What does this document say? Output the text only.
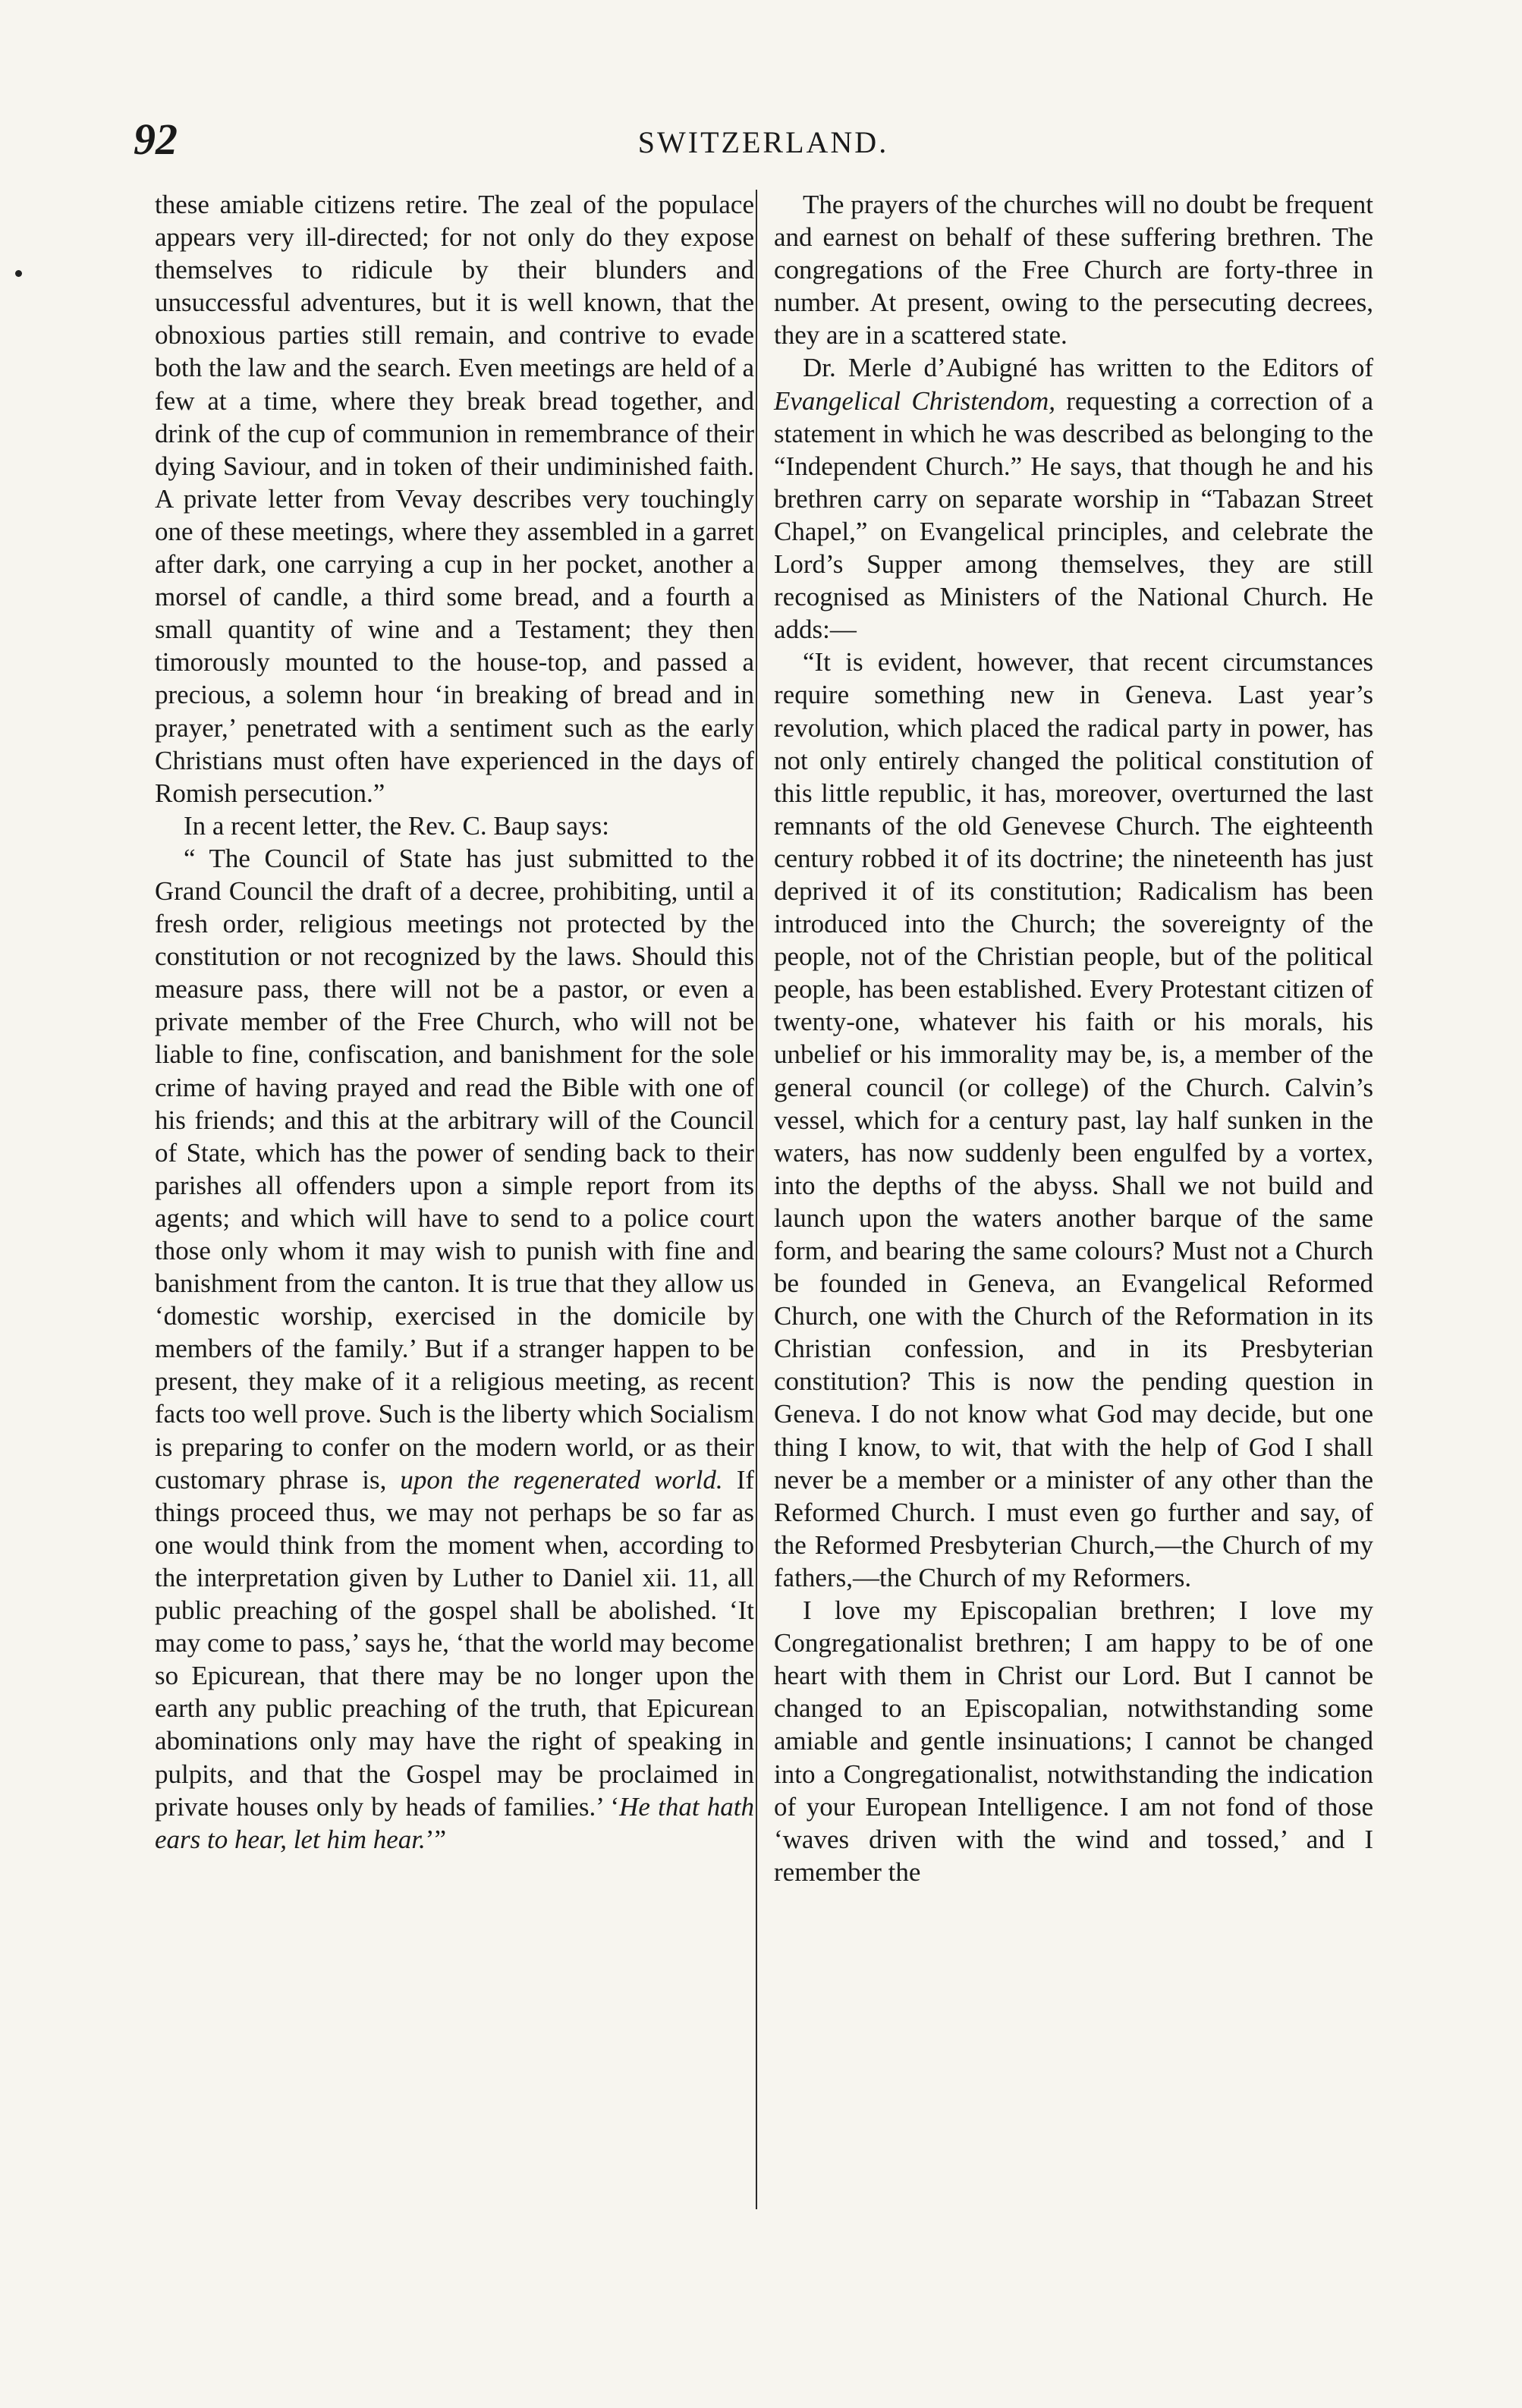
92	SWITZERLAND.

these amiable citizens retire. The zeal of the populace appears very ill-directed; for not only do they expose themselves to ridicule by their blunders and unsuccessful adventures, but it is well known, that the obnoxious parties still remain, and contrive to evade both the law and the search. Even meetings are held of a few at a time, where they break bread together, and drink of the cup of communion in remembrance of their dying Saviour, and in token of their undiminished faith. A private letter from Vevay describes very touchingly one of these meetings, where they assembled in a garret after dark, one carrying a cup in her pocket, another a morsel of candle, a third some bread, and a fourth a small quantity of wine and a Testament; they then timorously mounted to the house-top, and passed a precious, a solemn hour ‘in breaking of bread and in prayer,’ penetrated with a sentiment such as the early Christians must often have experienced in the days of Romish persecution.”

In a recent letter, the Rev. C. Baup says:

“ The Council of State has just submitted to the Grand Council the draft of a decree, prohibiting, until a fresh order, religious meetings not protected by the constitution or not recognized by the laws. Should this measure pass, there will not be a pastor, or even a private member of the Free Church, who will not be liable to fine, confiscation, and banishment for the sole crime of having prayed and read the Bible with one of his friends; and this at the arbitrary will of the Council of State, which has the power of sending back to their parishes all offenders upon a simple report from its agents; and which will have to send to a police court those only whom it may wish to punish with fine and banishment from the canton. It is true that they allow us ‘domestic worship, exercised in the domicile by members of the family.’ But if a stranger happen to be present, they make of it a religious meeting, as recent facts too well prove. Such is the liberty which Socialism is preparing to confer on the modern world, or as their customary phrase is, upon the regenerated world. If things proceed thus, we may not perhaps be so far as one would think from the moment when, according to the interpretation given by Luther to Daniel xii. 11, all public preaching of the gospel shall be abolished. ‘It may come to pass,’ says he, ‘that the world may become so Epicurean, that there may be no longer upon the earth any public preaching of the truth, that Epicurean abominations only may have the right of speaking in pulpits, and that the Gospel may be proclaimed in private houses only by heads of families.’ ‘He that hath ears to hear, let him hear.’”

The prayers of the churches will no doubt be frequent and earnest on behalf of these suffering brethren. The congregations of the Free Church are forty-three in number. At present, owing to the persecuting decrees, they are in a scattered state.

Dr. Merle d’Aubigné has written to the Editors of Evangelical Christendom, requesting a correction of a statement in which he was described as belonging to the “Independent Church.” He says, that though he and his brethren carry on separate worship in “Tabazan Street Chapel,” on Evangelical principles, and celebrate the Lord’s Supper among themselves, they are still recognised as Ministers of the National Church. He adds:—

“It is evident, however, that recent circumstances require something new in Geneva. Last year’s revolution, which placed the radical party in power, has not only entirely changed the political constitution of this little republic, it has, moreover, overturned the last remnants of the old Genevese Church. The eighteenth century robbed it of its doctrine; the nineteenth has just deprived it of its constitution; Radicalism has been introduced into the Church; the sovereignty of the people, not of the Christian people, but of the political people, has been established. Every Protestant citizen of twenty-one, whatever his faith or his morals, his unbelief or his immorality may be, is, a member of the general council (or college) of the Church. Calvin’s vessel, which for a century past, lay half sunken in the waters, has now suddenly been engulfed by a vortex, into the depths of the abyss. Shall we not build and launch upon the waters another barque of the same form, and bearing the same colours? Must not a Church be founded in Geneva, an Evangelical Reformed Church, one with the Church of the Reformation in its Christian confession, and in its Presbyterian constitution? This is now the pending question in Geneva. I do not know what God may decide, but one thing I know, to wit, that with the help of God I shall never be a member or a minister of any other than the Reformed Church. I must even go further and say, of the Reformed Presbyterian Church,—the Church of my fathers,—the Church of my Reformers.

I love my Episcopalian brethren; I love my Congregationalist brethren; I am happy to be of one heart with them in Christ our Lord. But I cannot be changed to an Episcopalian, notwithstanding some amiable and gentle insinuations; I cannot be changed into a Congregationalist, notwithstanding the indication of your European Intelligence. I am not fond of those ‘waves driven with the wind and tossed,’ and I remember the
